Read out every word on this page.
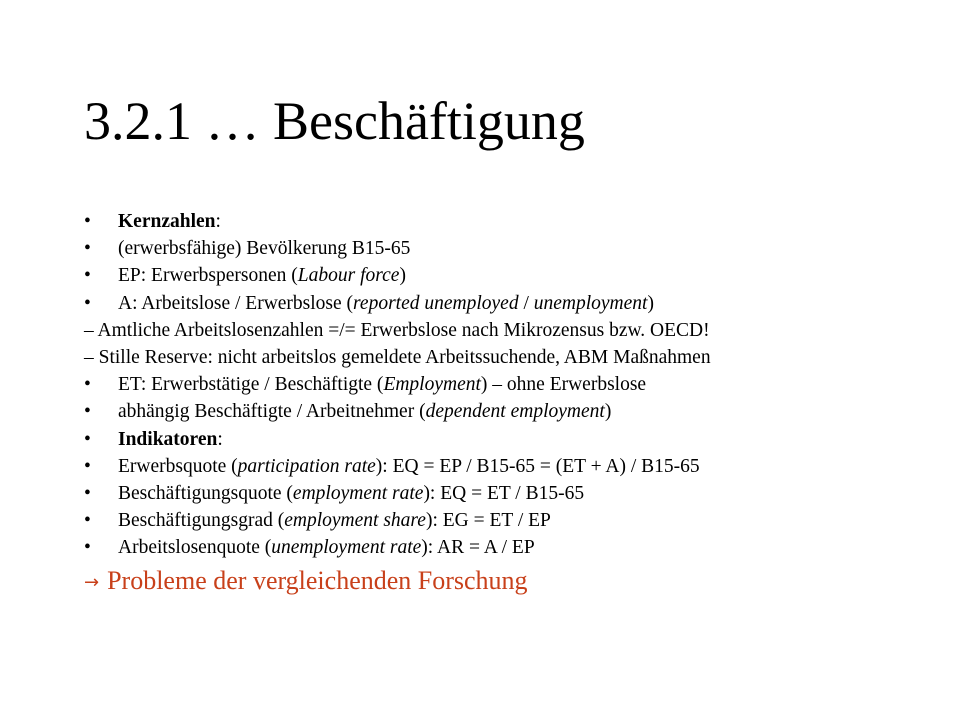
3.2.1 … Beschäftigung
•	Kernzahlen:
•	(erwerbsfähige) Bevölkerung B15-65
•	EP: Erwerbspersonen (Labour force)
•	A: Arbeitslose / Erwerbslose (reported unemployed / unemployment)
– Amtliche Arbeitslosenzahlen =/= Erwerbslose nach Mikrozensus bzw. OECD!
– Stille Reserve: nicht arbeitslos gemeldete Arbeitssuchende, ABM Maßnahmen
•	ET: Erwerbstätige / Beschäftigte (Employment) – ohne Erwerbslose
•	abhängig Beschäftigte / Arbeitnehmer (dependent employment)
•	Indikatoren:
•	Erwerbsquote (participation rate): EQ = EP / B15-65 = (ET + A) / B15-65
•	Beschäftigungsquote (employment rate): EQ = ET / B15-65
•	Beschäftigungsgrad (employment share): EG = ET / EP
•	Arbeitslosenquote (unemployment rate): AR = A / EP
→ Probleme der vergleichenden Forschung
